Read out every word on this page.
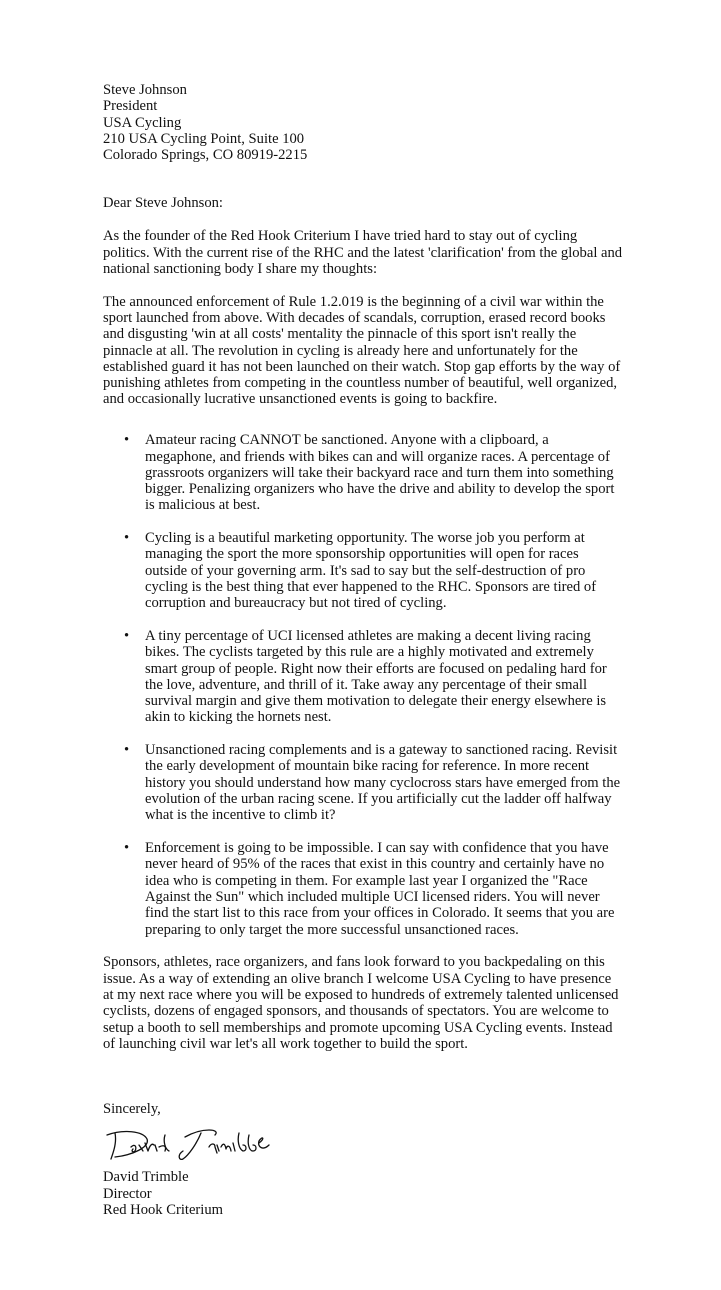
Steve Johnson
President
USA Cycling
210 USA Cycling Point, Suite 100
Colorado Springs, CO 80919-2215

Dear Steve Johnson:

As the founder of the Red Hook Criterium I have tried hard to stay out of cycling politics. With the current rise of the RHC and the latest 'clarification' from the global and national sanctioning body I share my thoughts:

The announced enforcement of Rule 1.2.019 is the beginning of a civil war within the sport launched from above. With decades of scandals, corruption, erased record books and disgusting 'win at all costs' mentality the pinnacle of this sport isn't really the pinnacle at all. The revolution in cycling is already here and unfortunately for the established guard it has not been launched on their watch. Stop gap efforts by the way of punishing athletes from competing in the countless number of beautiful, well organized, and occasionally lucrative unsanctioned events is going to backfire.

• Amateur racing CANNOT be sanctioned. Anyone with a clipboard, a megaphone, and friends with bikes can and will organize races. A percentage of grassroots organizers will take their backyard race and turn them into something bigger. Penalizing organizers who have the drive and ability to develop the sport is malicious at best.
• Cycling is a beautiful marketing opportunity. The worse job you perform at managing the sport the more sponsorship opportunities will open for races outside of your governing arm. It's sad to say but the self-destruction of pro cycling is the best thing that ever happened to the RHC. Sponsors are tired of corruption and bureaucracy but not tired of cycling.
• A tiny percentage of UCI licensed athletes are making a decent living racing bikes. The cyclists targeted by this rule are a highly motivated and extremely smart group of people. Right now their efforts are focused on pedaling hard for the love, adventure, and thrill of it. Take away any percentage of their small survival margin and give them motivation to delegate their energy elsewhere is akin to kicking the hornets nest.
• Unsanctioned racing complements and is a gateway to sanctioned racing. Revisit the early development of mountain bike racing for reference. In more recent history you should understand how many cyclocross stars have emerged from the evolution of the urban racing scene. If you artificially cut the ladder off halfway what is the incentive to climb it?
• Enforcement is going to be impossible. I can say with confidence that you have never heard of 95% of the races that exist in this country and certainly have no idea who is competing in them. For example last year I organized the "Race Against the Sun" which included multiple UCI licensed riders. You will never find the start list to this race from your offices in Colorado. It seems that you are preparing to only target the more successful unsanctioned races.

Sponsors, athletes, race organizers, and fans look forward to you backpedaling on this issue. As a way of extending an olive branch I welcome USA Cycling to have presence at my next race where you will be exposed to hundreds of extremely talented unlicensed cyclists, dozens of engaged sponsors, and thousands of spectators. You are welcome to setup a booth to sell memberships and promote upcoming USA Cycling events. Instead of launching civil war let's all work together to build the sport.

Sincerely,

David Trimble
Director
Red Hook Criterium
